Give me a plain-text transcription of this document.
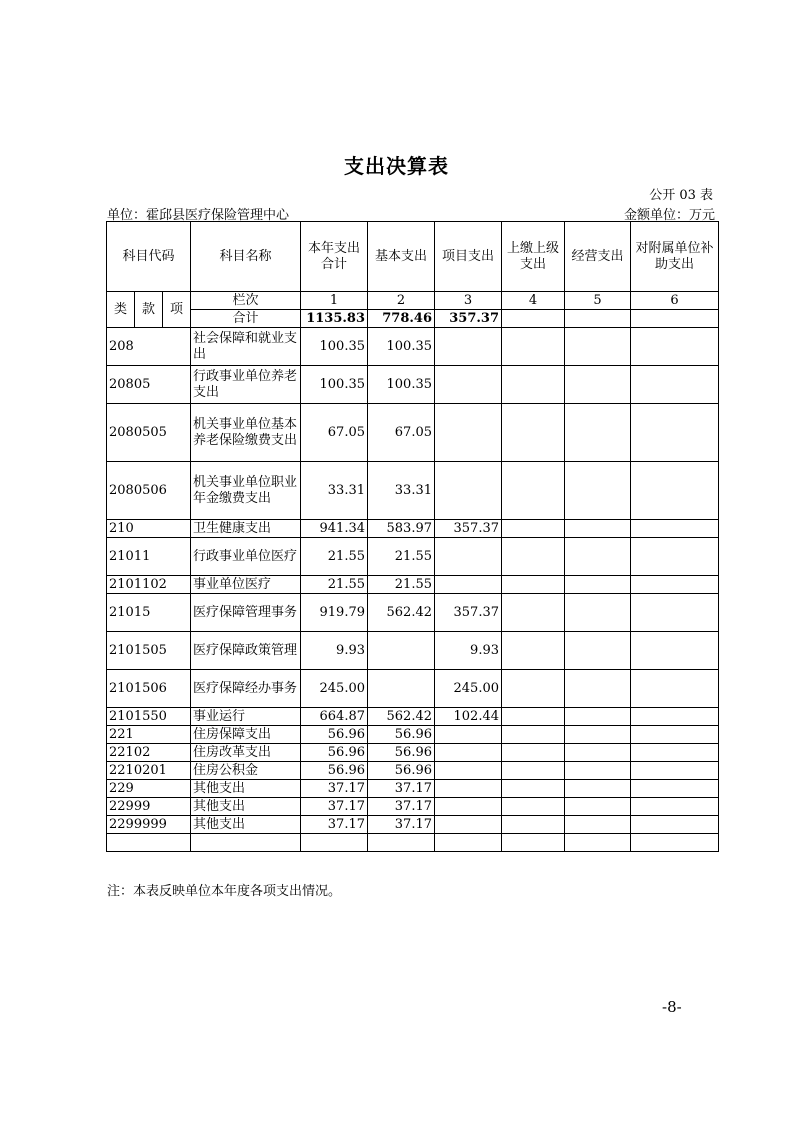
支出决算表
公开 03 表
单位：霍邱县医疗保险管理中心	金额单位：万元
科目代码			科目名称	本年支出合计	基本支出	项目支出	上缴上级支出	经营支出	对附属单位补助支出
类	款	项	栏次	1	2	3	4	5	6
			合计	1135.83	778.46	357.37			
208			社会保障和就业支出	100.35	100.35				
20805			行政事业单位养老支出	100.35	100.35				
2080505			机关事业单位基本养老保险缴费支出	67.05	67.05				
2080506			机关事业单位职业年金缴费支出	33.31	33.31				
210			卫生健康支出	941.34	583.97	357.37			
21011			行政事业单位医疗	21.55	21.55				
2101102			事业单位医疗	21.55	21.55				
21015			医疗保障管理事务	919.79	562.42	357.37			
2101505			医疗保障政策管理	9.93		9.93			
2101506			医疗保障经办事务	245.00		245.00			
2101550			事业运行	664.87	562.42	102.44			
221			住房保障支出	56.96	56.96				
22102			住房改革支出	56.96	56.96				
2210201			住房公积金	56.96	56.96				
229			其他支出	37.17	37.17				
22999			其他支出	37.17	37.17				
2299999			其他支出	37.17	37.17				

注：本表反映单位本年度各项支出情况。
-8-
